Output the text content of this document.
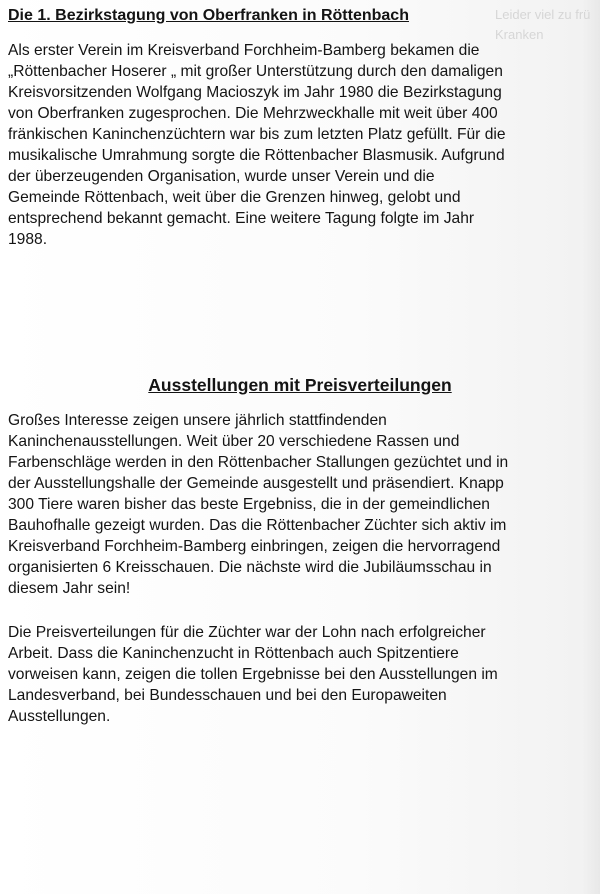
Leider viel zu frü
Kranken
Die 1. Bezirkstagung von Oberfranken in Röttenbach
Als erster Verein im Kreisverband Forchheim-Bamberg bekamen die
„Röttenbacher Hoserer „ mit großer Unterstützung durch den damaligen
Kreisvorsitzenden Wolfgang Macioszyk im Jahr 1980 die Bezirkstagung
von Oberfranken zugesprochen. Die Mehrzweckhalle mit weit über 400
fränkischen Kaninchenzüchtern war bis zum letzten Platz gefüllt. Für die
musikalische Umrahmung sorgte die Röttenbacher Blasmusik. Aufgrund
der überzeugenden Organisation, wurde unser Verein und die
Gemeinde Röttenbach, weit über die Grenzen hinweg, gelobt und
entsprechend bekannt gemacht. Eine weitere Tagung folgte im Jahr
1988.
Ausstellungen mit Preisverteilungen
Großes Interesse zeigen unsere jährlich stattfindenden
Kaninchenausstellungen. Weit über 20 verschiedene Rassen und
Farbenschläge werden in den Röttenbacher Stallungen gezüchtet und in
der Ausstellungshalle der Gemeinde ausgestellt und präsendiert. Knapp
300 Tiere waren bisher das beste Ergebniss, die in der gemeindlichen
Bauhofhalle gezeigt wurden. Das die Röttenbacher Züchter sich aktiv im
Kreisverband Forchheim-Bamberg einbringen, zeigen die hervorragend
organisierten 6 Kreisschauen. Die nächste wird die Jubiläumsschau in
diesem Jahr sein!
Die Preisverteilungen für die Züchter war der Lohn nach erfolgreicher
Arbeit. Dass die Kaninchenzucht in Röttenbach auch Spitzentiere
vorweisen kann, zeigen die tollen Ergebnisse bei den Ausstellungen im
Landesverband, bei Bundesschauen und bei den Europaweiten
Ausstellungen.
